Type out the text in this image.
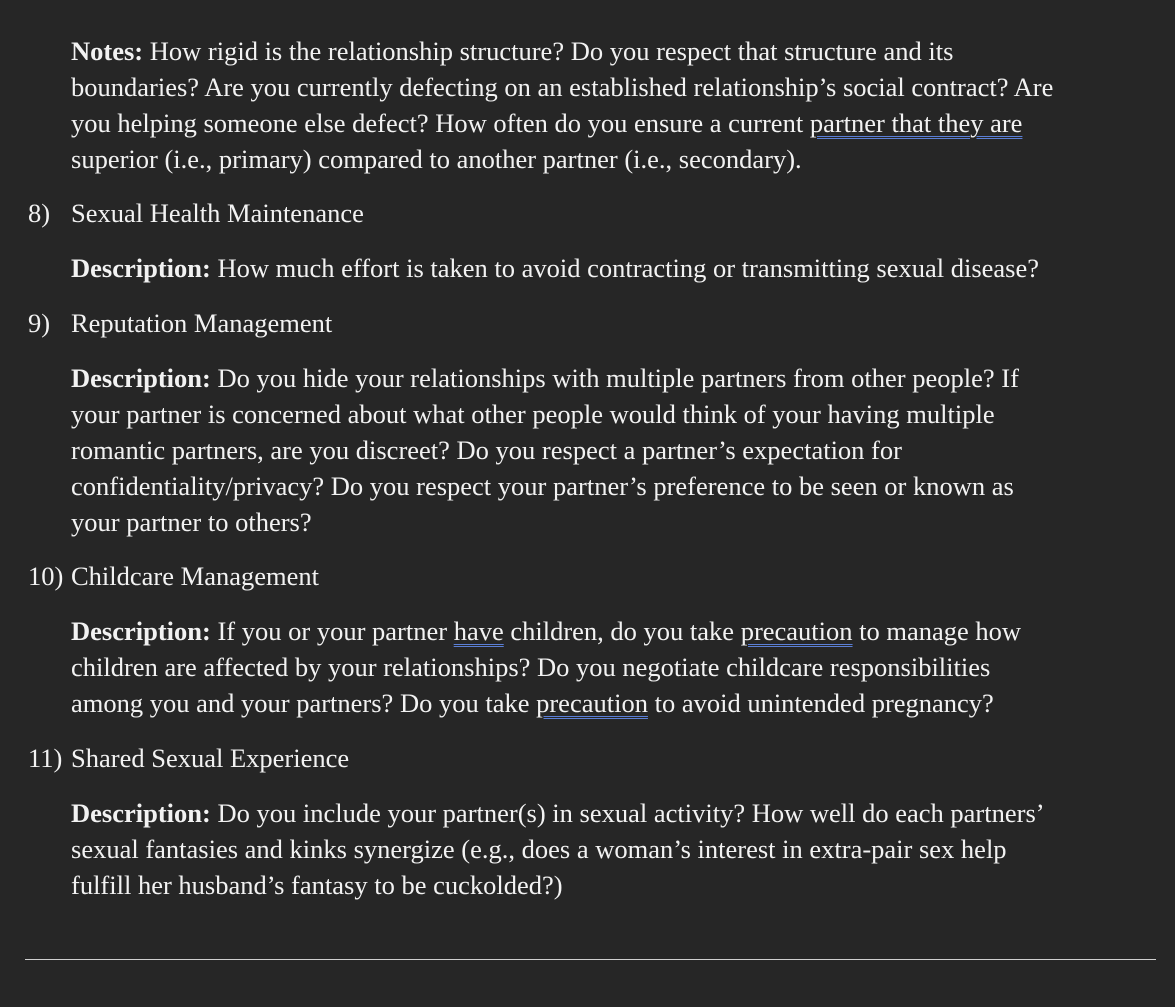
Notes: How rigid is the relationship structure? Do you respect that structure and its
boundaries? Are you currently defecting on an established relationship’s social contract? Are
you helping someone else defect? How often do you ensure a current partner that they are
superior (i.e., primary) compared to another partner (i.e., secondary).
8) Sexual Health Maintenance
Description: How much effort is taken to avoid contracting or transmitting sexual disease?
9) Reputation Management
Description: Do you hide your relationships with multiple partners from other people? If
your partner is concerned about what other people would think of your having multiple
romantic partners, are you discreet? Do you respect a partner’s expectation for
confidentiality/privacy? Do you respect your partner’s preference to be seen or known as
your partner to others?
10) Childcare Management
Description: If you or your partner have children, do you take precaution to manage how
children are affected by your relationships? Do you negotiate childcare responsibilities
among you and your partners? Do you take precaution to avoid unintended pregnancy?
11) Shared Sexual Experience
Description: Do you include your partner(s) in sexual activity? How well do each partners’
sexual fantasies and kinks synergize (e.g., does a woman’s interest in extra-pair sex help
fulfill her husband’s fantasy to be cuckolded?)
